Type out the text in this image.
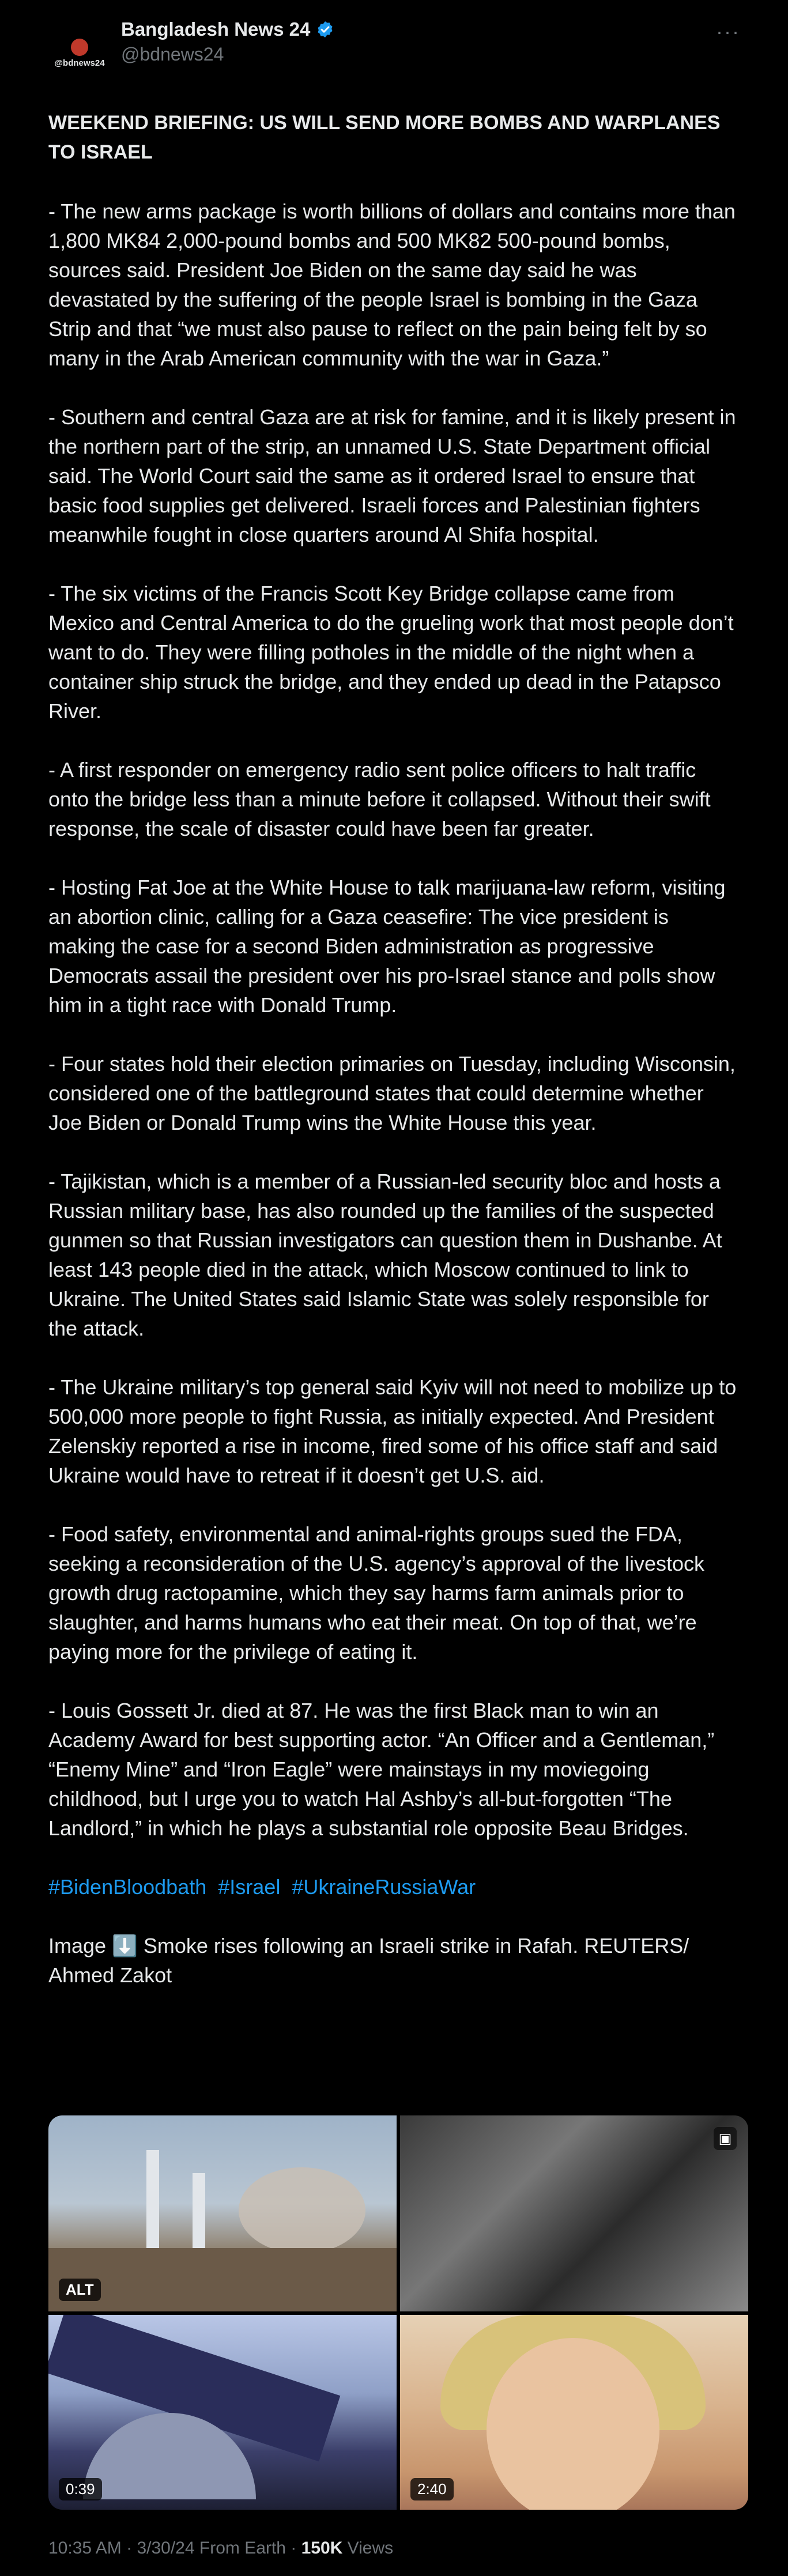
@bdnews24
Bangladesh News 24
@bdnews24
···
WEEKEND BRIEFING: US WILL SEND MORE BOMBS AND WARPLANES TO ISRAEL

- The new arms package is worth billions of dollars and contains more than 1,800 MK84 2,000-pound bombs and 500 MK82 500-pound bombs, sources said. President Joe Biden on the same day said he was devastated by the suffering of the people Israel is bombing in the Gaza Strip and that “we must also pause to reflect on the pain being felt by so many in the Arab American community with the war in Gaza.”

- Southern and central Gaza are at risk for famine, and it is likely present in the northern part of the strip, an unnamed U.S. State Department official said. The World Court said the same as it ordered Israel to ensure that basic food supplies get delivered. Israeli forces and Palestinian fighters meanwhile fought in close quarters around Al Shifa hospital.

- The six victims of the Francis Scott Key Bridge collapse came from Mexico and Central America to do the grueling work that most people don’t want to do. They were filling potholes in the middle of the night when a container ship struck the bridge, and they ended up dead in the Patapsco River.

- A first responder on emergency radio sent police officers to halt traffic onto the bridge less than a minute before it collapsed. Without their swift response, the scale of disaster could have been far greater.

- Hosting Fat Joe at the White House to talk marijuana-law reform, visiting an abortion clinic, calling for a Gaza ceasefire: The vice president is making the case for a second Biden administration as progressive Democrats assail the president over his pro-Israel stance and polls show him in a tight race with Donald Trump.

- Four states hold their election primaries on Tuesday, including Wisconsin, considered one of the battleground states that could determine whether Joe Biden or Donald Trump wins the White House this year.

- Tajikistan, which is a member of a Russian-led security bloc and hosts a Russian military base, has also rounded up the families of the suspected gunmen so that Russian investigators can question them in Dushanbe. At least 143 people died in the attack, which Moscow continued to link to Ukraine. The United States said Islamic State was solely responsible for the attack.

- The Ukraine military’s top general said Kyiv will not need to mobilize up to 500,000 more people to fight Russia, as initially expected. And President Zelenskiy reported a rise in income, fired some of his office staff and said Ukraine would have to retreat if it doesn’t get U.S. aid.

- Food safety, environmental and animal-rights groups sued the FDA, seeking a reconsideration of the U.S. agency’s approval of the livestock growth drug ractopamine, which they say harms farm animals prior to slaughter, and harms humans who eat their meat. On top of that, we’re paying more for the privilege of eating it.

- Louis Gossett Jr. died at 87. He was the first Black man to win an Academy Award for best supporting actor. “An Officer and a Gentleman,” “Enemy Mine” and “Iron Eagle” were mainstays in my moviegoing childhood, but I urge you to watch Hal Ashby’s all-but-forgotten “The Landlord,” in which he plays a substantial role opposite Beau Bridges.

#BidenBloodbath #Israel #UkraineRussiaWar

Image ⬇️ Smoke rises following an Israeli strike in Rafah. REUTERS/ Ahmed Zakot

ALT
▣
0:39	2:40
10:35 AM · 3/30/24 From Earth · 150K Views
